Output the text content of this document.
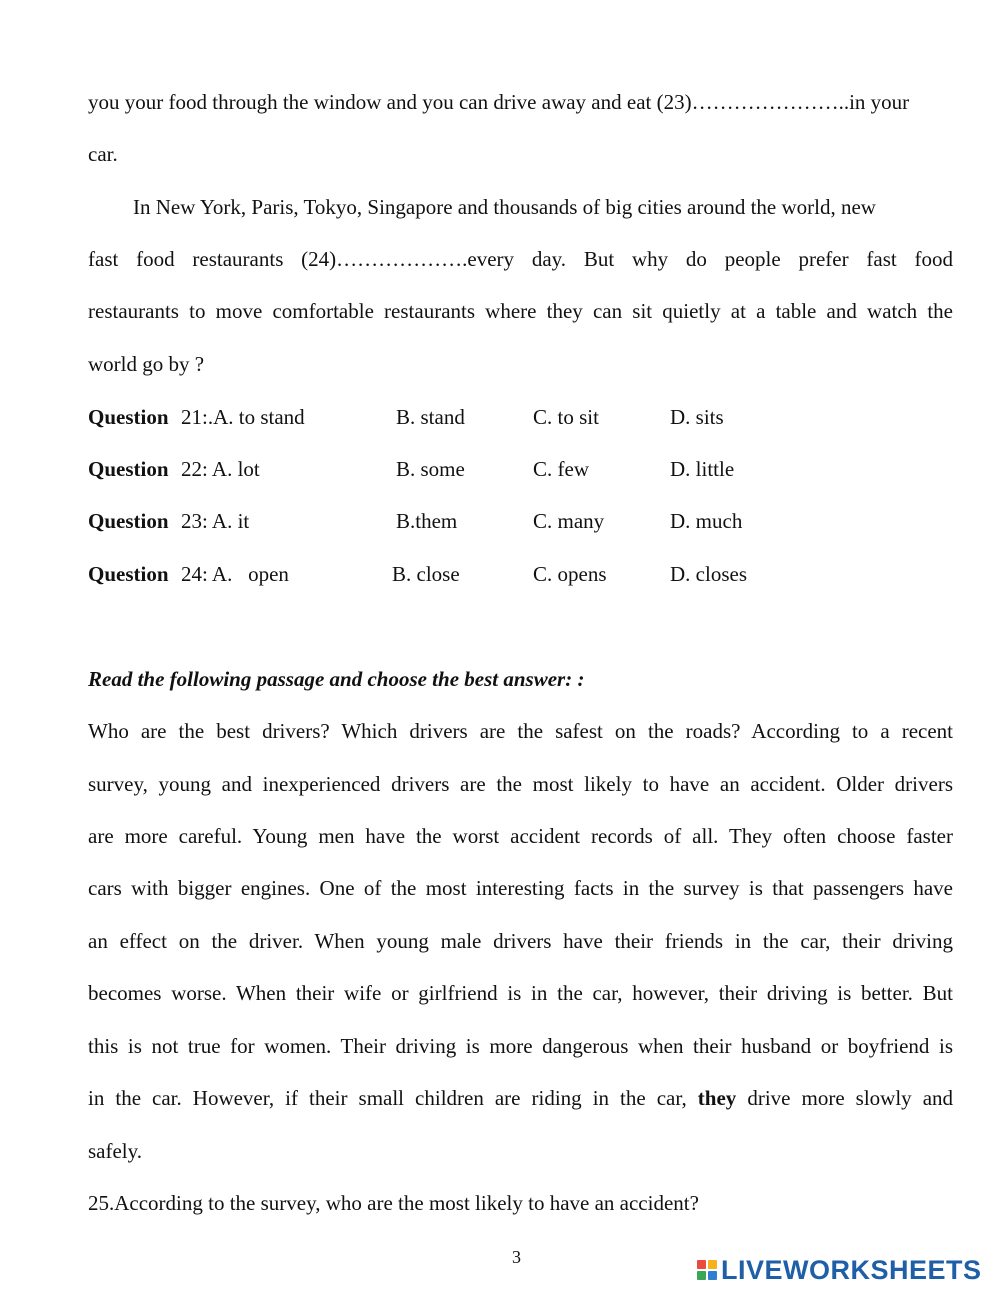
you your food through the window and you can drive away and eat (23)…………………..in your
car.
In New York, Paris, Tokyo, Singapore and thousands of big cities around the world, new
fast food restaurants (24)……………….every day. But why do people prefer fast food
restaurants to move comfortable restaurants where they can sit quietly at a table and watch the
world go by ?
Question 21:.A. to stand	B. stand	C. to sit	D. sits
Question 22: A. lot	B. some	C. few	D. little
Question 23: A. it	B.them	C. many	D. much
Question 24: A.   open	B. close	C. opens	D. closes
Read the following passage and choose the best answer: :
Who are the best drivers? Which drivers are the safest on the roads? According to a recent
survey, young and inexperienced drivers are the most likely to have an accident. Older drivers
are more careful. Young men have the worst accident records of all. They often choose faster
cars with bigger engines. One of the most interesting facts in the survey is that passengers have
an effect on the driver. When young male drivers have their friends in the car, their driving
becomes worse. When their wife or girlfriend is in the car, however, their driving is better. But
this is not true for women. Their driving is more dangerous when their husband or boyfriend is
in the car. However, if their small children are riding in the car, they drive more slowly and
safely.
25.According to the survey, who are the most likely to have an accident?
3	LIVEWORKSHEETS
